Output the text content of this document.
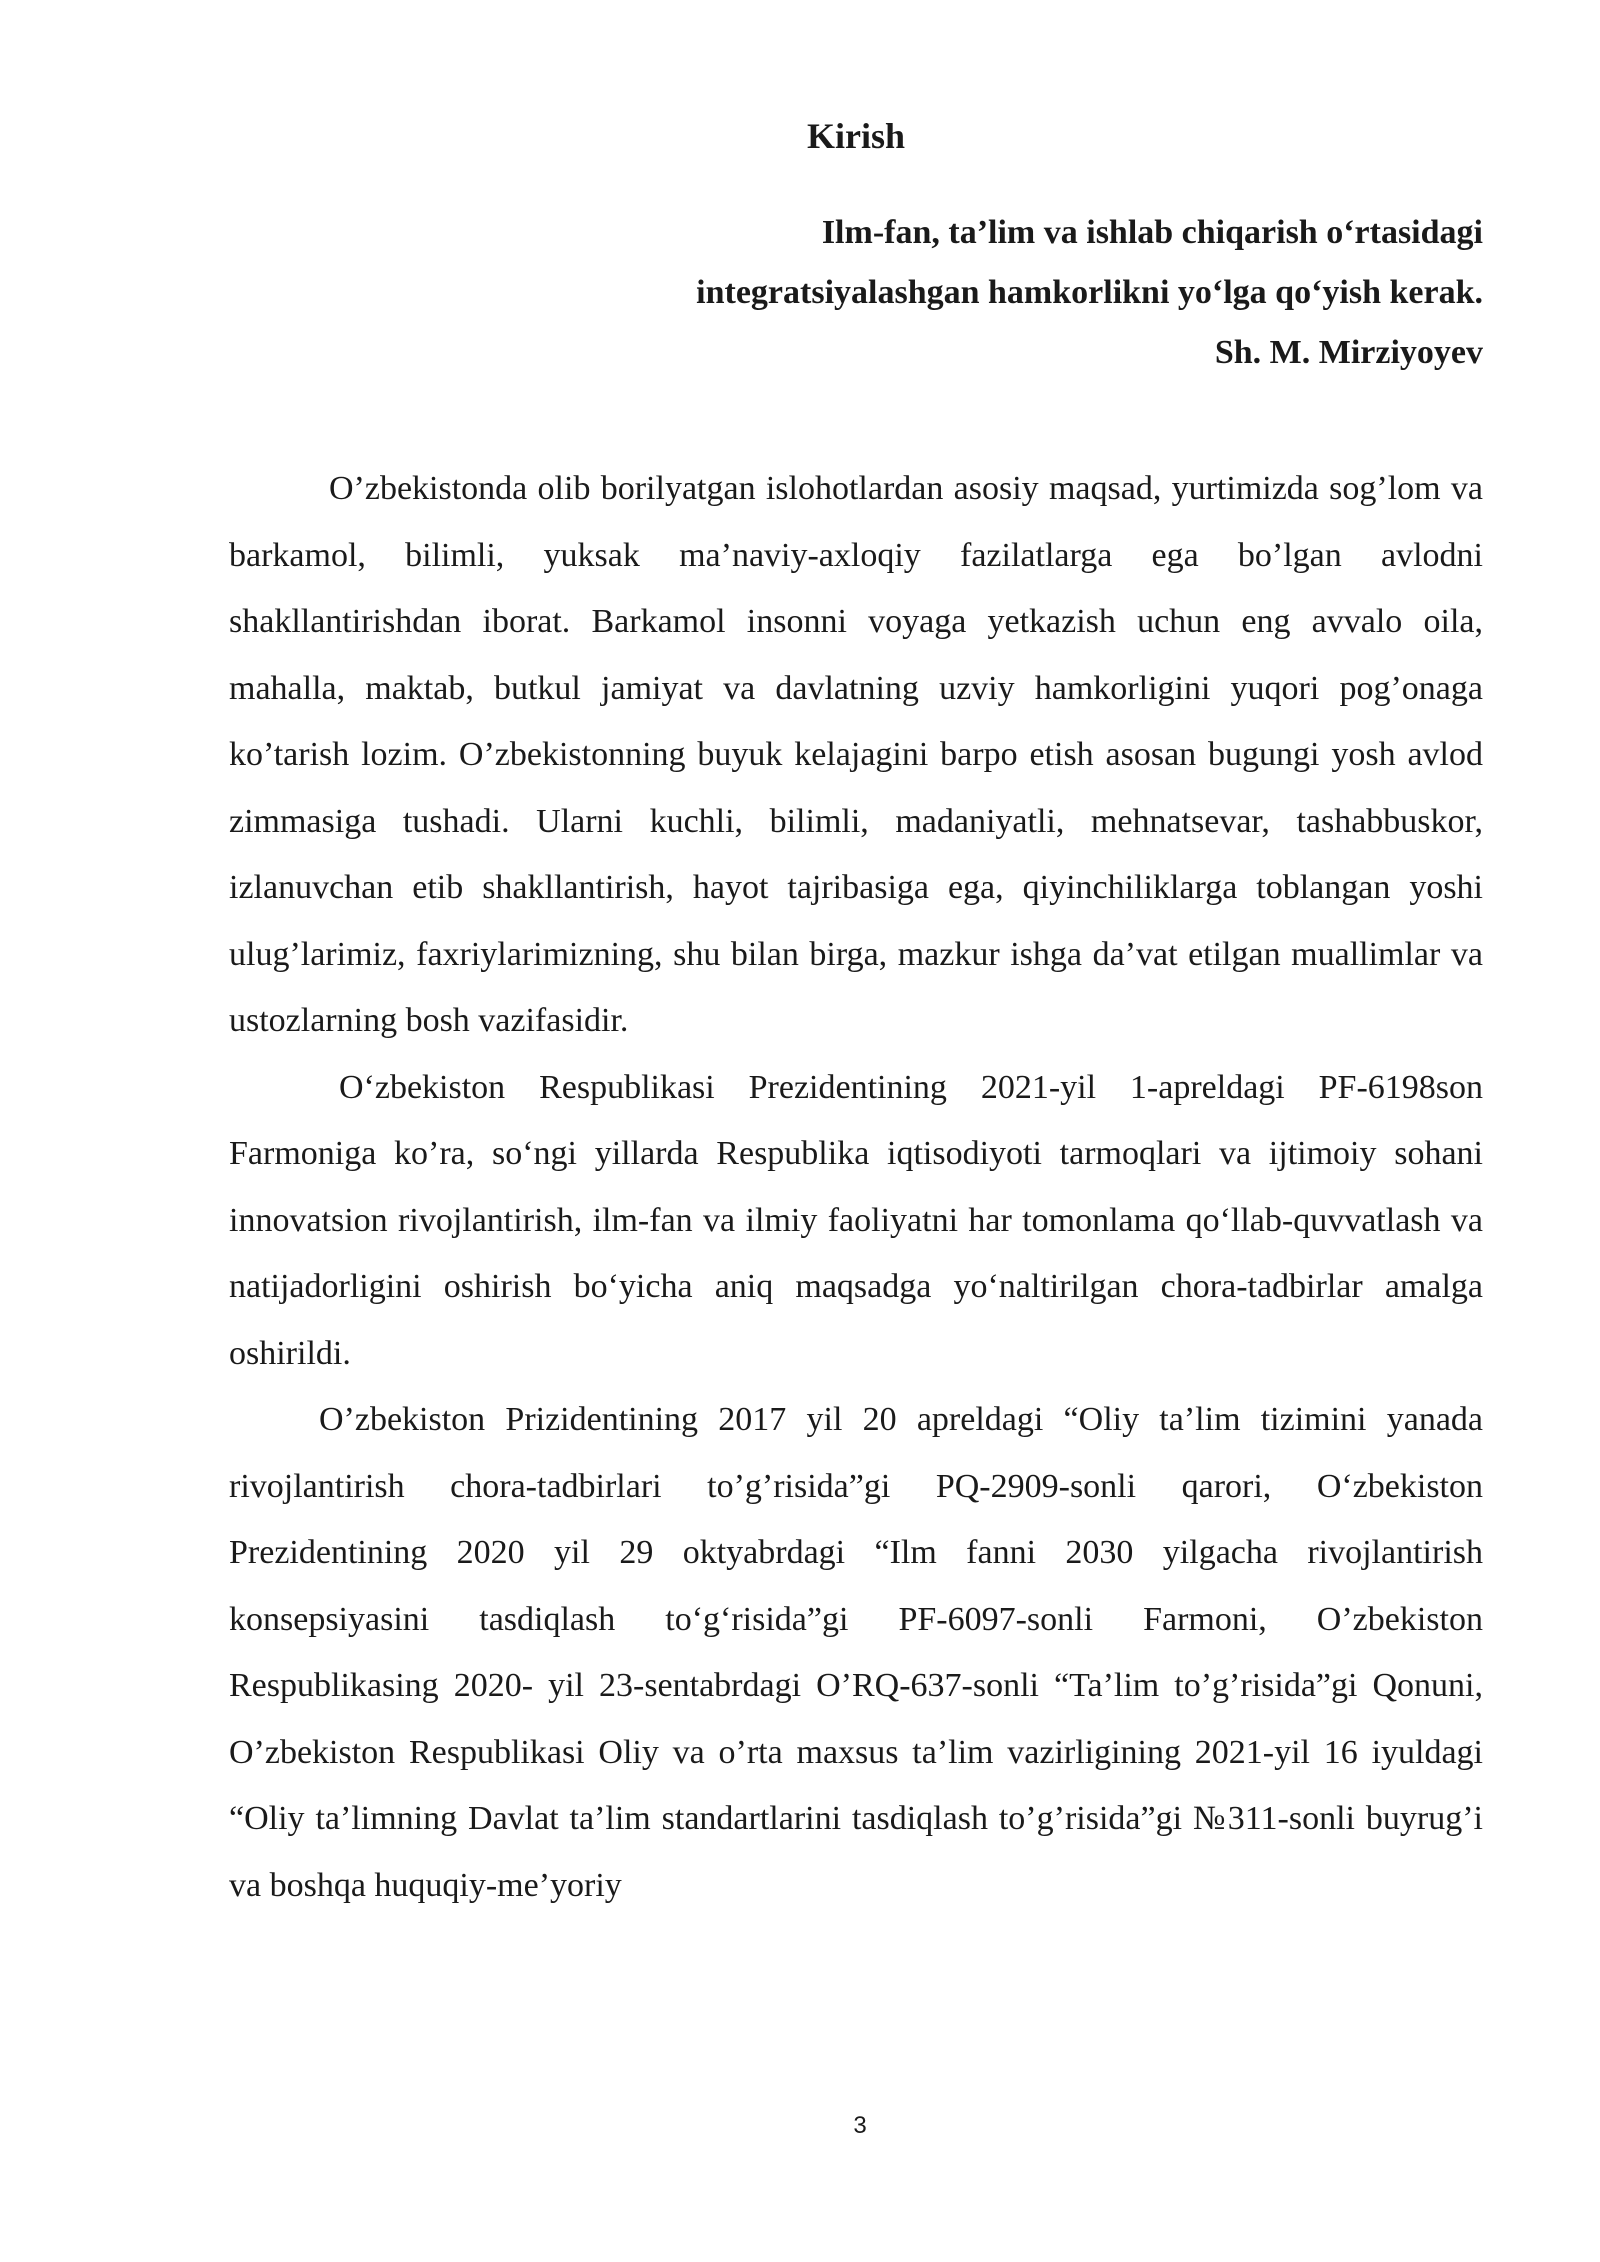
Kirish
Ilm-fan, ta’lim va ishlab chiqarish o‘rtasidagi
integratsiyalashgan hamkorlikni yo‘lga qo‘yish kerak.
Sh. M. Mirziyoyev

O’zbekistonda olib borilyatgan islohotlardan asosiy maqsad, yurtimizda sog’lom va barkamol, bilimli, yuksak ma’naviy-axloqiy fazilatlarga ega bo’lgan avlodni shakllantirishdan iborat. Barkamol insonni voyaga yetkazish uchun eng avvalo oila, mahalla, maktab, butkul jamiyat va davlatning uzviy hamkorligini yuqori pog’onaga ko’tarish lozim. O’zbekistonning buyuk kelajagini barpo etish asosan bugungi yosh avlod zimmasiga tushadi. Ularni kuchli, bilimli, madaniyatli, mehnatsevar, tashabbuskor, izlanuvchan etib shakllantirish, hayot tajribasiga ega, qiyinchiliklarga toblangan yoshi ulug’larimiz, faxriylarimizning, shu bilan birga, mazkur ishga da’vat etilgan muallimlar va ustozlarning bosh vazifasidir.

O‘zbekiston Respublikasi Prezidentining 2021-yil 1-apreldagi PF-6198son Farmoniga ko’ra, so‘ngi yillarda Respublika iqtisodiyoti tarmoqlari va ijtimoiy sohani innovatsion rivojlantirish, ilm-fan va ilmiy faoliyatni har tomonlama qo‘llab-quvvatlash va natijadorligini oshirish bo‘yicha aniq maqsadga yo‘naltirilgan chora-tadbirlar amalga oshirildi.

O’zbekiston Prizidentining 2017 yil 20 apreldagi “Oliy ta’lim tizimini yanada rivojlantirish chora-tadbirlari to’g’risida”gi PQ-2909-sonli qarori, O‘zbekiston Prezidentining 2020 yil 29 oktyabrdagi “Ilm fanni 2030 yilgacha rivojlantirish konsepsiyasini tasdiqlash to‘g‘risida”gi PF-6097-sonli Farmoni, O’zbekiston Respublikasing 2020- yil 23-sentabrdagi O’RQ-637-sonli “Ta’lim to’g’risida”gi Qonuni, O’zbekiston Respublikasi Oliy va o’rta maxsus ta’lim vazirligining 2021-yil 16 iyuldagi “Oliy ta’limning Davlat ta’lim standartlarini tasdiqlash to’g’risida”gi №311-sonli buyrug’i va boshqa huquqiy-me’yoriy

3
